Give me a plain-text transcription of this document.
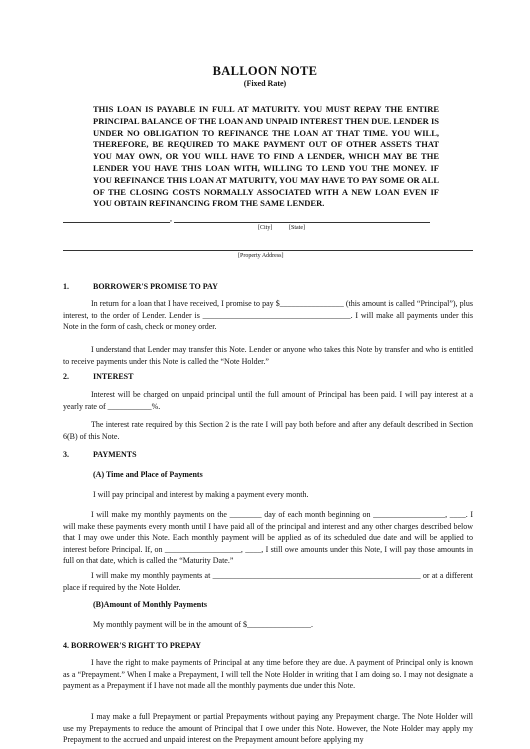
BALLOON NOTE
(Fixed Rate)
THIS LOAN IS PAYABLE IN FULL AT MATURITY. YOU MUST REPAY THE ENTIRE PRINCIPAL BALANCE OF THE LOAN AND UNPAID INTEREST THEN DUE. LENDER IS UNDER NO OBLIGATION TO REFINANCE THE LOAN AT THAT TIME. YOU WILL, THEREFORE, BE REQUIRED TO MAKE PAYMENT OUT OF OTHER ASSETS THAT YOU MAY OWN, OR YOU WILL HAVE TO FIND A LENDER, WHICH MAY BE THE LENDER YOU HAVE THIS LOAN WITH, WILLING TO LEND YOU THE MONEY. IF YOU REFINANCE THIS LOAN AT MATURITY, YOU MAY HAVE TO PAY SOME OR ALL OF THE CLOSING COSTS NORMALLY ASSOCIATED WITH A NEW LOAN EVEN IF YOU OBTAIN REFINANCING FROM THE SAME LENDER.
,
[City]	[State]
[Property Address]
1.	BORROWER'S PROMISE TO PAY
In return for a loan that I have received, I promise to pay $________________ (this amount is called “Principal”), plus interest, to the order of Lender. Lender is _____________________________________. I will make all payments under this Note in the form of cash, check or money order.
I understand that Lender may transfer this Note. Lender or anyone who takes this Note by transfer and who is entitled to receive payments under this Note is called the “Note Holder.”
2.	INTEREST
Interest will be charged on unpaid principal until the full amount of Principal has been paid. I will pay interest at a yearly rate of ___________%.
The interest rate required by this Section 2 is the rate I will pay both before and after any default described in Section 6(B) of this Note.
3.	PAYMENTS
(A) Time and Place of Payments
I will pay principal and interest by making a payment every month.
I will make my monthly payments on the ________ day of each month beginning on __________________, ____. I will make these payments every month until I have paid all of the principal and interest and any other charges described below that I may owe under this Note. Each monthly payment will be applied as of its scheduled due date and will be applied to interest before Principal. If, on ___________________, ____, I still owe amounts under this Note, I will pay those amounts in full on that date, which is called the “Maturity Date.”
I will make my monthly payments at ____________________________________________________ or at a different place if required by the Note Holder.
(B)Amount of Monthly Payments
My monthly payment will be in the amount of $________________.
4. BORROWER'S RIGHT TO PREPAY
I have the right to make payments of Principal at any time before they are due. A payment of Principal only is known as a “Prepayment.” When I make a Prepayment, I will tell the Note Holder in writing that I am doing so. I may not designate a payment as a Prepayment if I have not made all the monthly payments due under this Note.
I may make a full Prepayment or partial Prepayments without paying any Prepayment charge. The Note Holder will use my Prepayments to reduce the amount of Principal that I owe under this Note. However, the Note Holder may apply my Prepayment to the accrued and unpaid interest on the Prepayment amount before applying my
